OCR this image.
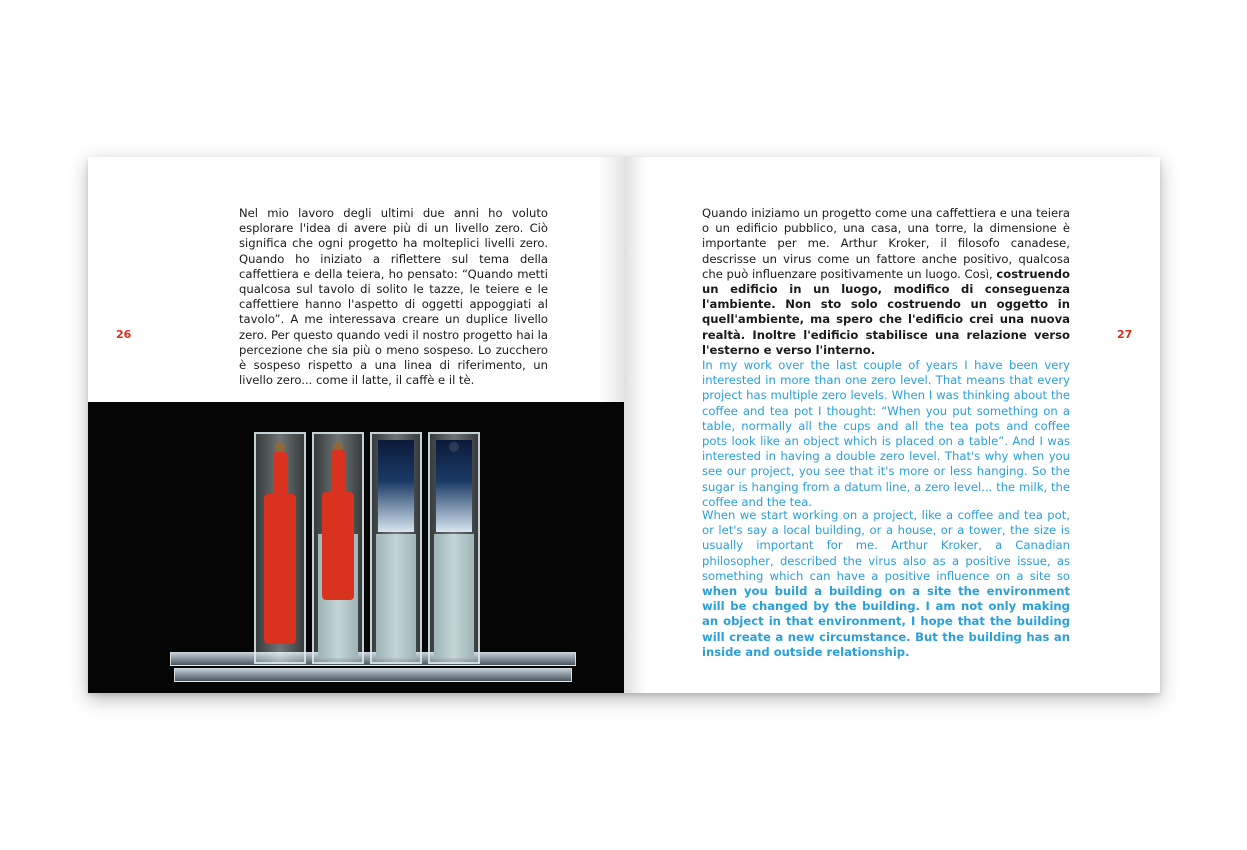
26

Nel mio lavoro degli ultimi due anni ho voluto esplorare l'idea di avere più di un livello zero. Ciò significa che ogni progetto ha molteplici livelli zero. Quando ho iniziato a riflettere sul tema della caffettiera e della teiera, ho pensato: “Quando metti qualcosa sul tavolo di solito le tazze, le teiere e le caffettiere hanno l'aspetto di oggetti appoggiati al tavolo”. A me interessava creare un duplice livello zero. Per questo quando vedi il nostro progetto hai la percezione che sia più o meno sospeso. Lo zucchero è sospeso rispetto a una linea di riferimento, un livello zero... come il latte, il caffè e il tè.

27

Quando iniziamo un progetto come una caffettiera e una teiera o un edificio pubblico, una casa, una torre, la dimensione è importante per me. Arthur Kroker, il filosofo canadese, descrisse un virus come un fattore anche positivo, qualcosa che può influenzare positivamente un luogo. Così, costruendo un edificio in un luogo, modifico di conseguenza l'ambiente. Non sto solo costruendo un oggetto in quell'ambiente, ma spero che l'edificio crei una nuova realtà. Inoltre l'edificio stabilisce una relazione verso l'esterno e verso l'interno.

In my work over the last couple of years I have been very interested in more than one zero level. That means that every project has multiple zero levels. When I was thinking about the coffee and tea pot I thought: “When you put something on a table, normally all the cups and all the tea pots and coffee pots look like an object which is placed on a table”. And I was interested in having a double zero level. That's why when you see our project, you see that it's more or less hanging. So the sugar is hanging from a datum line, a zero level... the milk, the coffee and the tea.

When we start working on a project, like a coffee and tea pot, or let's say a local building, or a house, or a tower, the size is usually important for me. Arthur Kroker, a Canadian philosopher, described the virus also as a positive issue, as something which can have a positive influence on a site so when you build a building on a site the environment will be changed by the building. I am not only making an object in that environment, I hope that the building will create a new circumstance. But the building has an inside and outside relationship.
